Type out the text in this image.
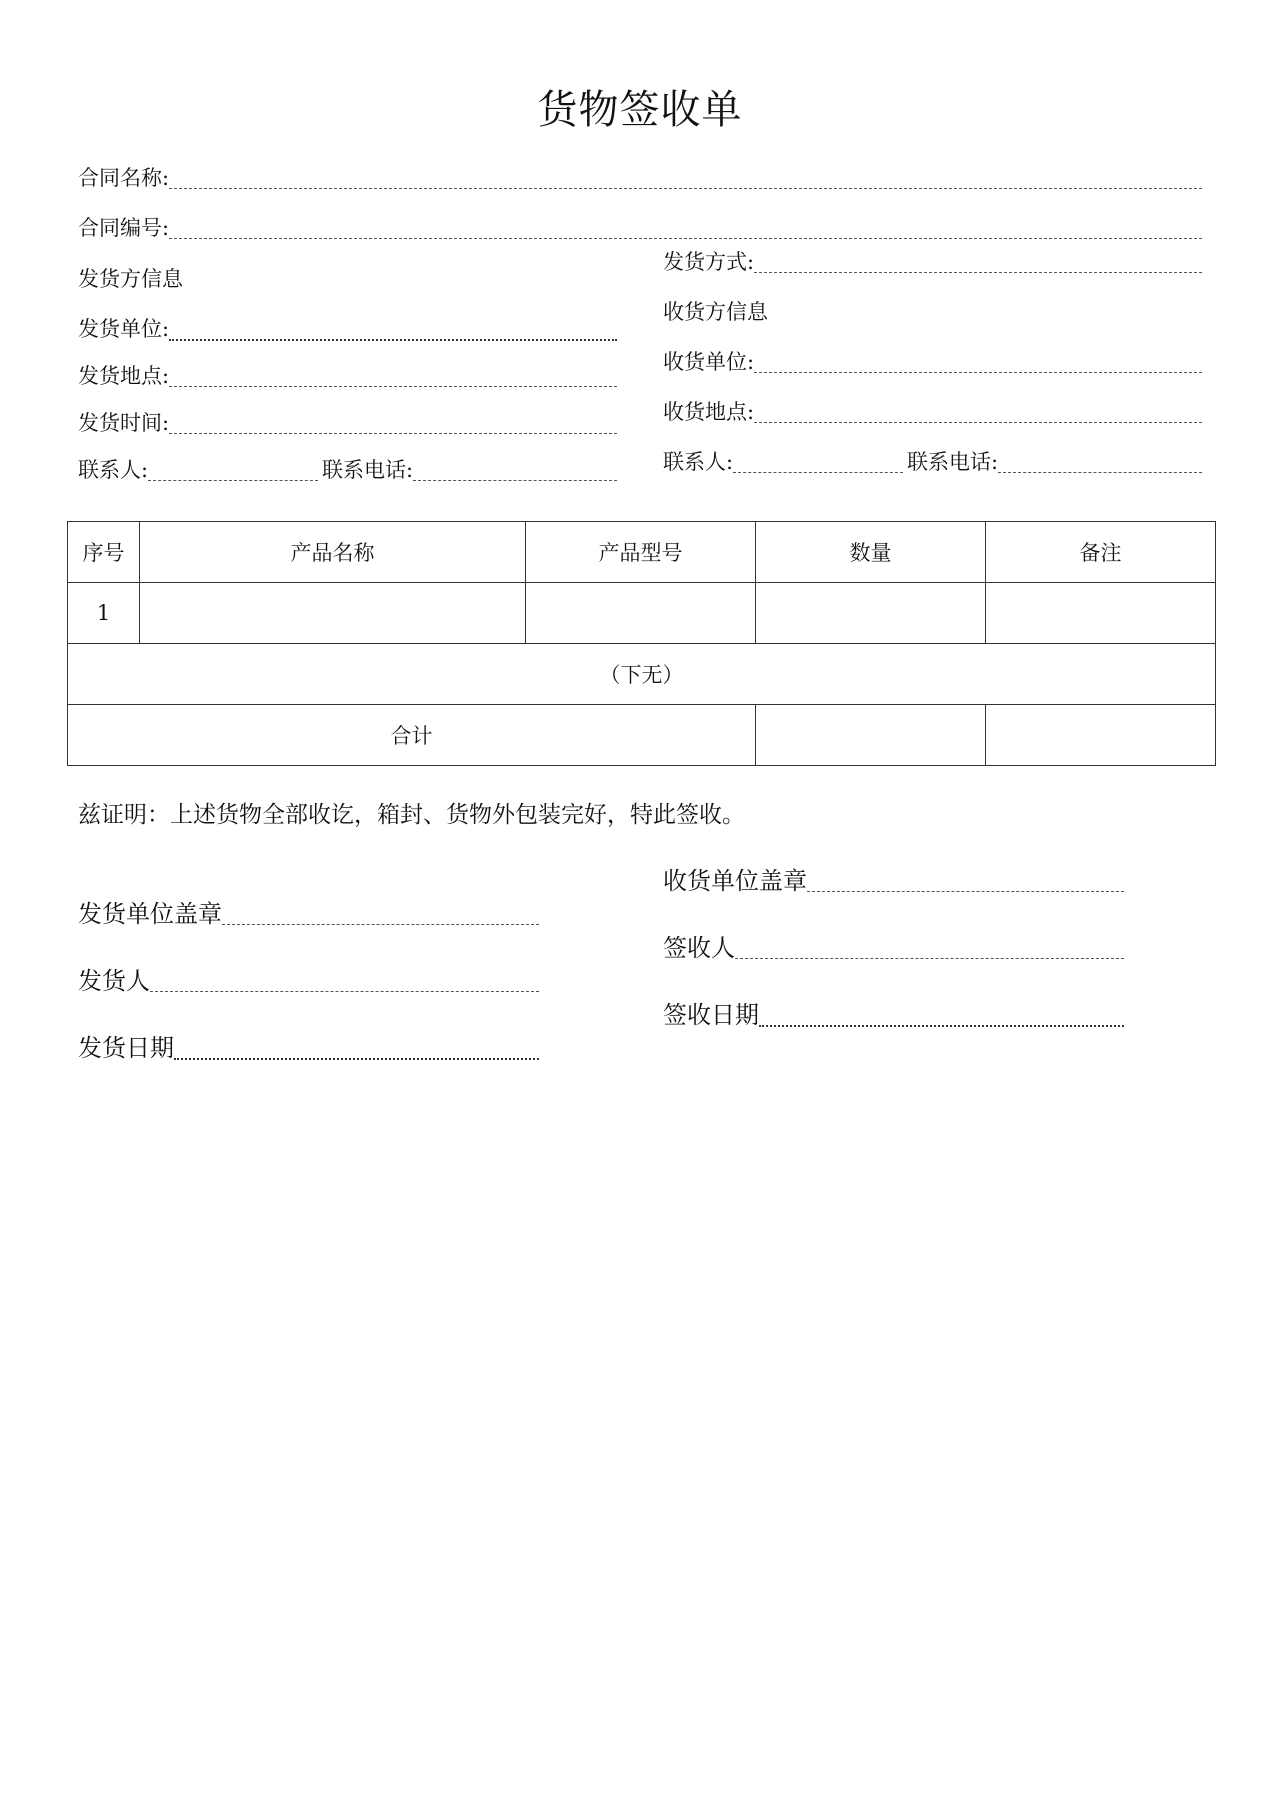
货物签收单
合同名称:
合同编号:
发货方信息
发货单位:
发货地点:
发货时间:
联系人:	联系电话:
发货方式:
收货方信息
收货单位:
收货地点:
联系人:	联系电话:
序号	产品名称	产品型号	数量	备注
1				
（下无）				
合计				
兹证明：上述货物全部收讫，箱封、货物外包装完好，特此签收。
发货单位盖章
发货人
发货日期
收货单位盖章
签收人
签收日期
